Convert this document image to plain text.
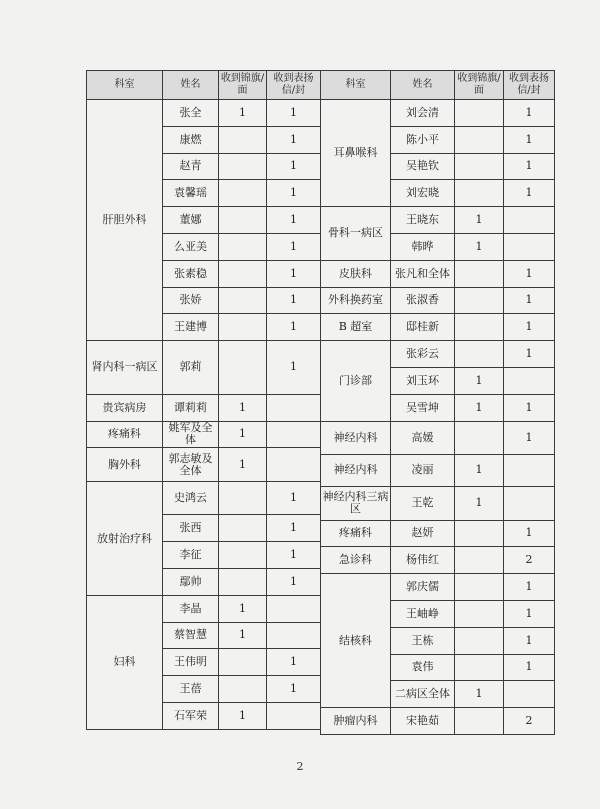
科室	姓名	收到锦旗/面	收到表扬信/封
肝胆外科	张全	1	1
	康燃		1
	赵青		1
	袁馨瑶		1
	董娜		1
	么亚美		1
	张素稳		1
	张娇		1
	王建博		1
肾内科一病区	郭莉		1
贵宾病房	谭莉莉	1	
疼痛科	姚军及全体	1	
胸外科	郭志敏及全体	1	
放射治疗科	史鸿云		1
	张西		1
	李征		1
	鄢帅		1
妇科	李晶	1	
	蔡智慧	1	
	王伟明		1
	王蓓		1
	石军荣	1	
科室	姓名	收到锦旗/面	收到表扬信/封
耳鼻喉科	刘会清		1
	陈小平		1
	吴艳钦		1
	刘宏晓		1
骨科一病区	王晓东	1	
	韩晔	1	
皮肤科	张凡和全体		1
外科换药室	张淑香		1
B 超室	邸桂新		1
门诊部	张彩云		1
	刘玉环	1	
	吴雪坤	1	1
神经内科	高媛		1
神经内科	凌丽	1	
神经内科三病区	王乾	1	
疼痛科	赵妍		1
急诊科	杨伟红		2
结核科	郭庆儒		1
	王岫峥		1
	王栋		1
	袁伟		1
	二病区全体	1	
肿瘤内科	宋艳茹		2
2
